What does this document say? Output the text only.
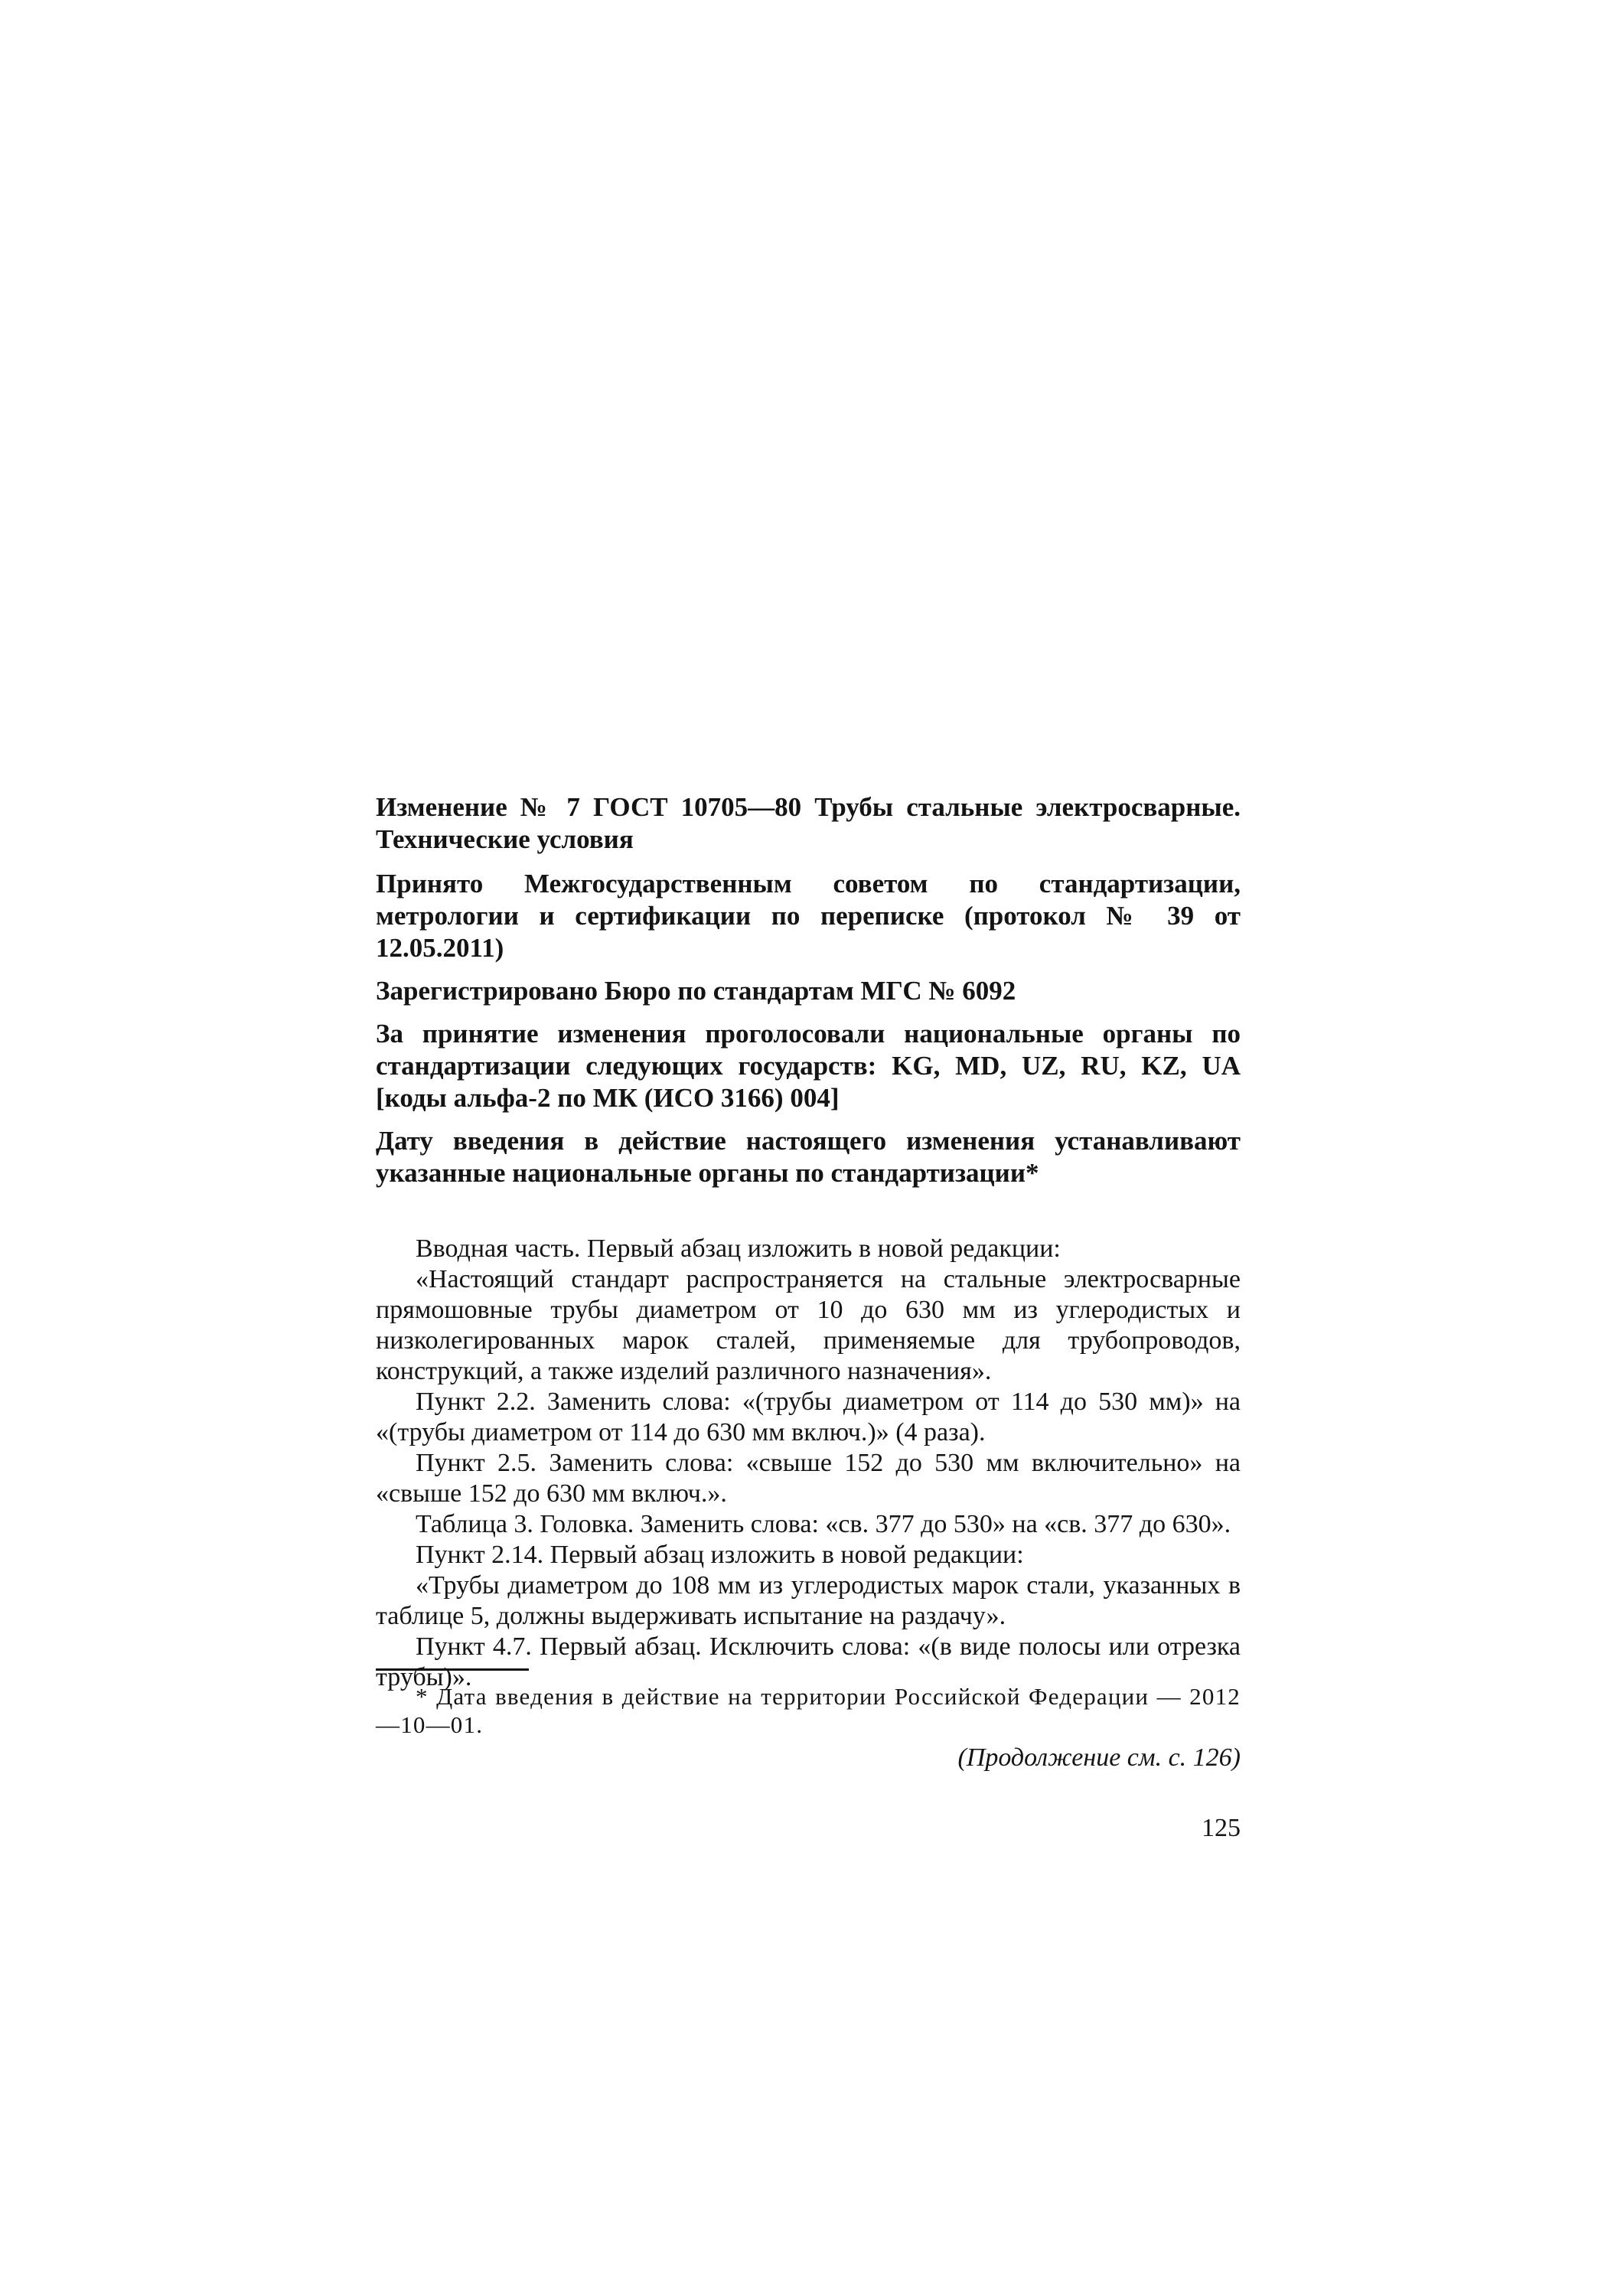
Изменение № 7 ГОСТ 10705—80 Трубы стальные электросварные. Технические условия

Принято Межгосударственным советом по стандартизации, метрологии и сертификации по переписке (протокол № 39 от 12.05.2011)

Зарегистрировано Бюро по стандартам МГС № 6092

За принятие изменения проголосовали национальные органы по стандартизации следующих государств: KG, MD, UZ, RU, KZ, UA [коды альфа-2 по МК (ИСО 3166) 004]

Дату введения в действие настоящего изменения устанавливают указанные национальные органы по стандартизации*

Вводная часть. Первый абзац изложить в новой редакции:

«Настоящий стандарт распространяется на стальные электросварные прямошовные трубы диаметром от 10 до 630 мм из углеродистых и низколегированных марок сталей, применяемые для трубопроводов, конструкций, а также изделий различного назначения».

Пункт 2.2. Заменить слова: «(трубы диаметром от 114 до 530 мм)» на «(трубы диаметром от 114 до 630 мм включ.)» (4 раза).

Пункт 2.5. Заменить слова: «свыше 152 до 530 мм включительно» на «свыше 152 до 630 мм включ.».

Таблица 3. Головка. Заменить слова: «св. 377 до 530» на «св. 377 до 630».

Пункт 2.14. Первый абзац изложить в новой редакции:

«Трубы диаметром до 108 мм из углеродистых марок стали, указанных в таблице 5, должны выдерживать испытание на раздачу».

Пункт 4.7. Первый абзац. Исключить слова: «(в виде полосы или отрезка трубы)».

* Дата введения в действие на территории Российской Федерации — 2012—10—01.

(Продолжение см. с. 126)

125
